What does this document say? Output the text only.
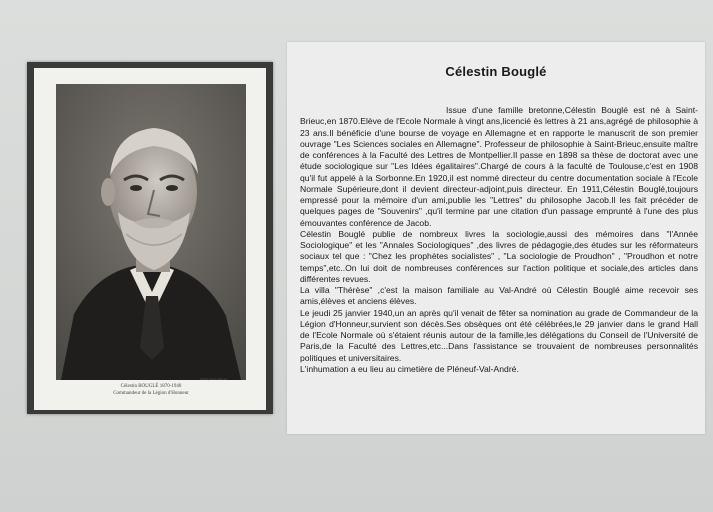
Cliché Henri Manuel
Célestin BOUGLÉ 1870-1940
Commandeur de la Légion d'Honneur
Célestin Bouglé

Issue d'une famille bretonne,Célestin Bouglé est né à Saint-Brieuc,en 1870.Elève de l'Ecole Normale à vingt ans,licencié ès lettres à 21 ans,agrégé de philosophie à 23 ans.Il bénéficie d'une bourse de voyage en Allemagne et en rapporte le manuscrit de son premier ouvrage "Les Sciences sociales en Allemagne". Professeur de philosophie à Saint-Brieuc,ensuite maître de conférences à la Faculté des Lettres de Montpellier.Il passe en 1898 sa thèse de doctorat avec une étude sociologique sur "Les Idées égalitaires".Chargé de cours à la faculté de Toulouse,c'est en 1908 qu'il fut appelé à la Sorbonne.En 1920,il est nommé directeur du centre documentation sociale à l'Ecole Normale Supérieure,dont il devient directeur-adjoint,puis directeur. En 1911,Célestin Bouglé,toujours empressé pour la mémoire d'un ami,publie les "Lettres" du philosophe Jacob.Il les fait précéder de quelques pages de "Souvenirs" ,qu'il termine par une citation d'un passage emprunté à l'une des plus émouvantes conférence de Jacob.

Célestin Bouglé publie de nombreux livres la sociologie,aussi des mémoires dans "l'Année Sociologique" et les "Annales Sociologiques" ,des livres de pédagogie,des études sur les réformateurs sociaux tel que : "Chez les prophètes socialistes" , "La sociologie de Proudhon" , "Proudhon et notre temps",etc..On lui doit de nombreuses conférences sur l'action politique et sociale,des articles dans différentes revues.

La villa "Thérèse" ,c'est la maison familiale au Val-André où Célestin Bouglé aime recevoir ses amis,élèves et anciens élèves.

Le jeudi 25 janvier 1940,un an après qu'il venait de fêter sa nomination au grade de Commandeur de la Légion d'Honneur,survient son décès.Ses obsèques ont été célébrées,le 29 janvier dans le grand Hall de l'Ecole Normale où s'étaient réunis autour de la famille,les délégations du Conseil de l'Université de Paris,de la Faculté des Lettres,etc...Dans l'assistance se trouvaient de nombreuses personnalités politiques et universitaires.

L'inhumation a eu lieu au cimetière de Pléneuf-Val-André.
